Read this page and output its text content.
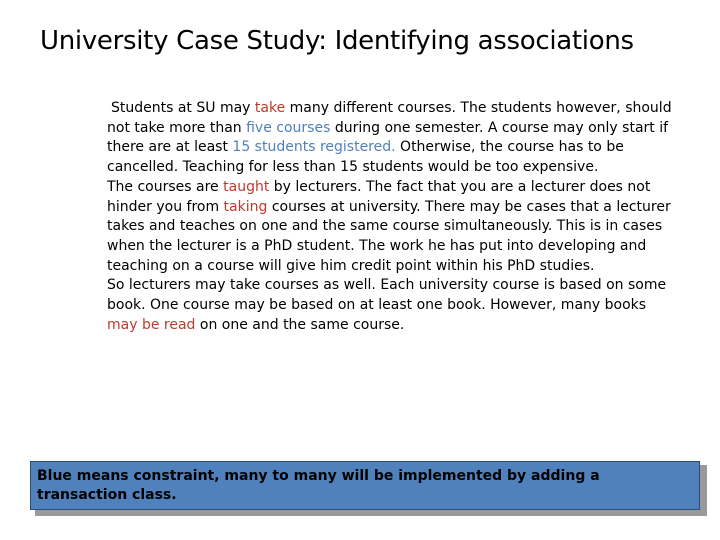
University Case Study: Identifying associations

Students at SU may take many different courses. The students however, should not take more than five courses during one semester. A course may only start if there are at least 15 students registered. Otherwise, the course has to be cancelled. Teaching for less than 15 students would be too expensive.

The courses are taught by lecturers. The fact that you are a lecturer does not hinder you from taking courses at university. There may be cases that a lecturer takes and teaches on one and the same course simultaneously. This is in cases when the lecturer is a PhD student. The work he has put into developing and teaching on a course will give him credit point within his PhD studies.

So lecturers may take courses as well. Each university course is based on some book. One course may be based on at least one book. However, many books may be read on one and the same course.

Blue means constraint, many to many will be implemented by adding a transaction class.
